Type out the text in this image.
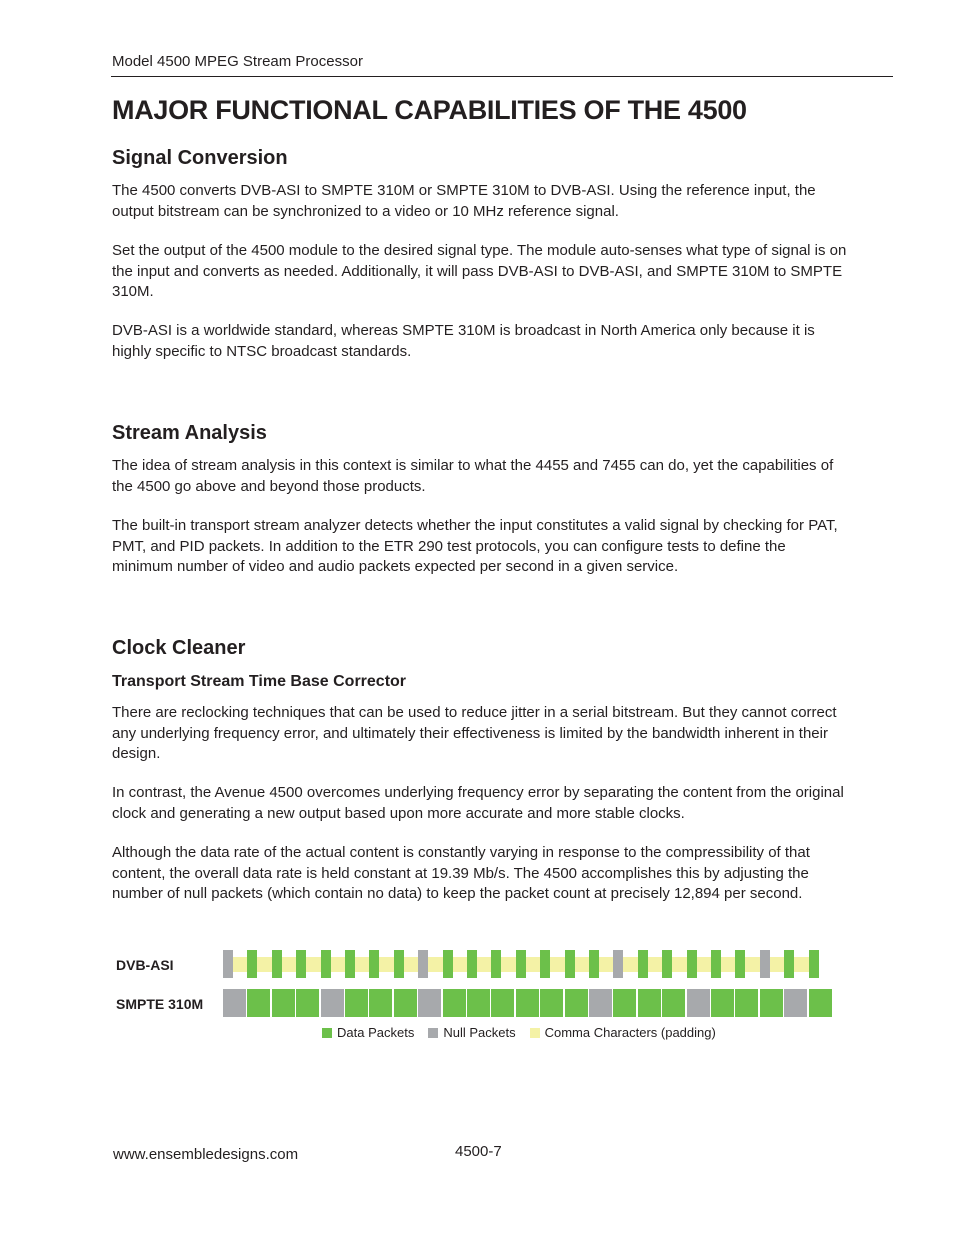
Model 4500 MPEG Stream Processor
MAJOR FUNCTIONAL CAPABILITIES OF THE 4500
Signal Conversion

The 4500 converts DVB-ASI to SMPTE 310M or SMPTE 310M to DVB-ASI. Using the reference input, the output bitstream can be synchronized to a video or 10 MHz reference signal.

Set the output of the 4500 module to the desired signal type. The module auto-senses what type of signal is on the input and converts as needed. Additionally, it will pass DVB-ASI to DVB-ASI, and SMPTE 310M to SMPTE 310M.

DVB-ASI is a worldwide standard, whereas SMPTE 310M is broadcast in North America only because it is highly specific to NTSC broadcast standards.

Stream Analysis

The idea of stream analysis in this context is similar to what the 4455 and 7455 can do, yet the capabilities of the 4500 go above and beyond those products.

The built-in transport stream analyzer detects whether the input constitutes a valid signal by checking for PAT, PMT, and PID packets. In addition to the ETR 290 test protocols, you can configure tests to define the minimum number of video and audio packets expected per second in a given service.

Clock Cleaner
Transport Stream Time Base Corrector

There are reclocking techniques that can be used to reduce jitter in a serial bitstream. But they cannot correct any underlying frequency error, and ultimately their effectiveness is limited by the bandwidth inherent in their design.

In contrast, the Avenue 4500 overcomes underlying frequency error by separating the content from the original clock and generating a new output based upon more accurate and more stable clocks.

Although the data rate of the actual content is constantly varying in response to the compressibility of that content, the overall data rate is held constant at 19.39 Mb/s. The 4500 accomplishes this by adjusting the number of null packets (which contain no data) to keep the packet count at precisely 12,894 per second.

DVB-ASI
SMPTE 310M
Data Packets Null Packets Comma Characters (padding)
www.ensembledesigns.com	4500-7
